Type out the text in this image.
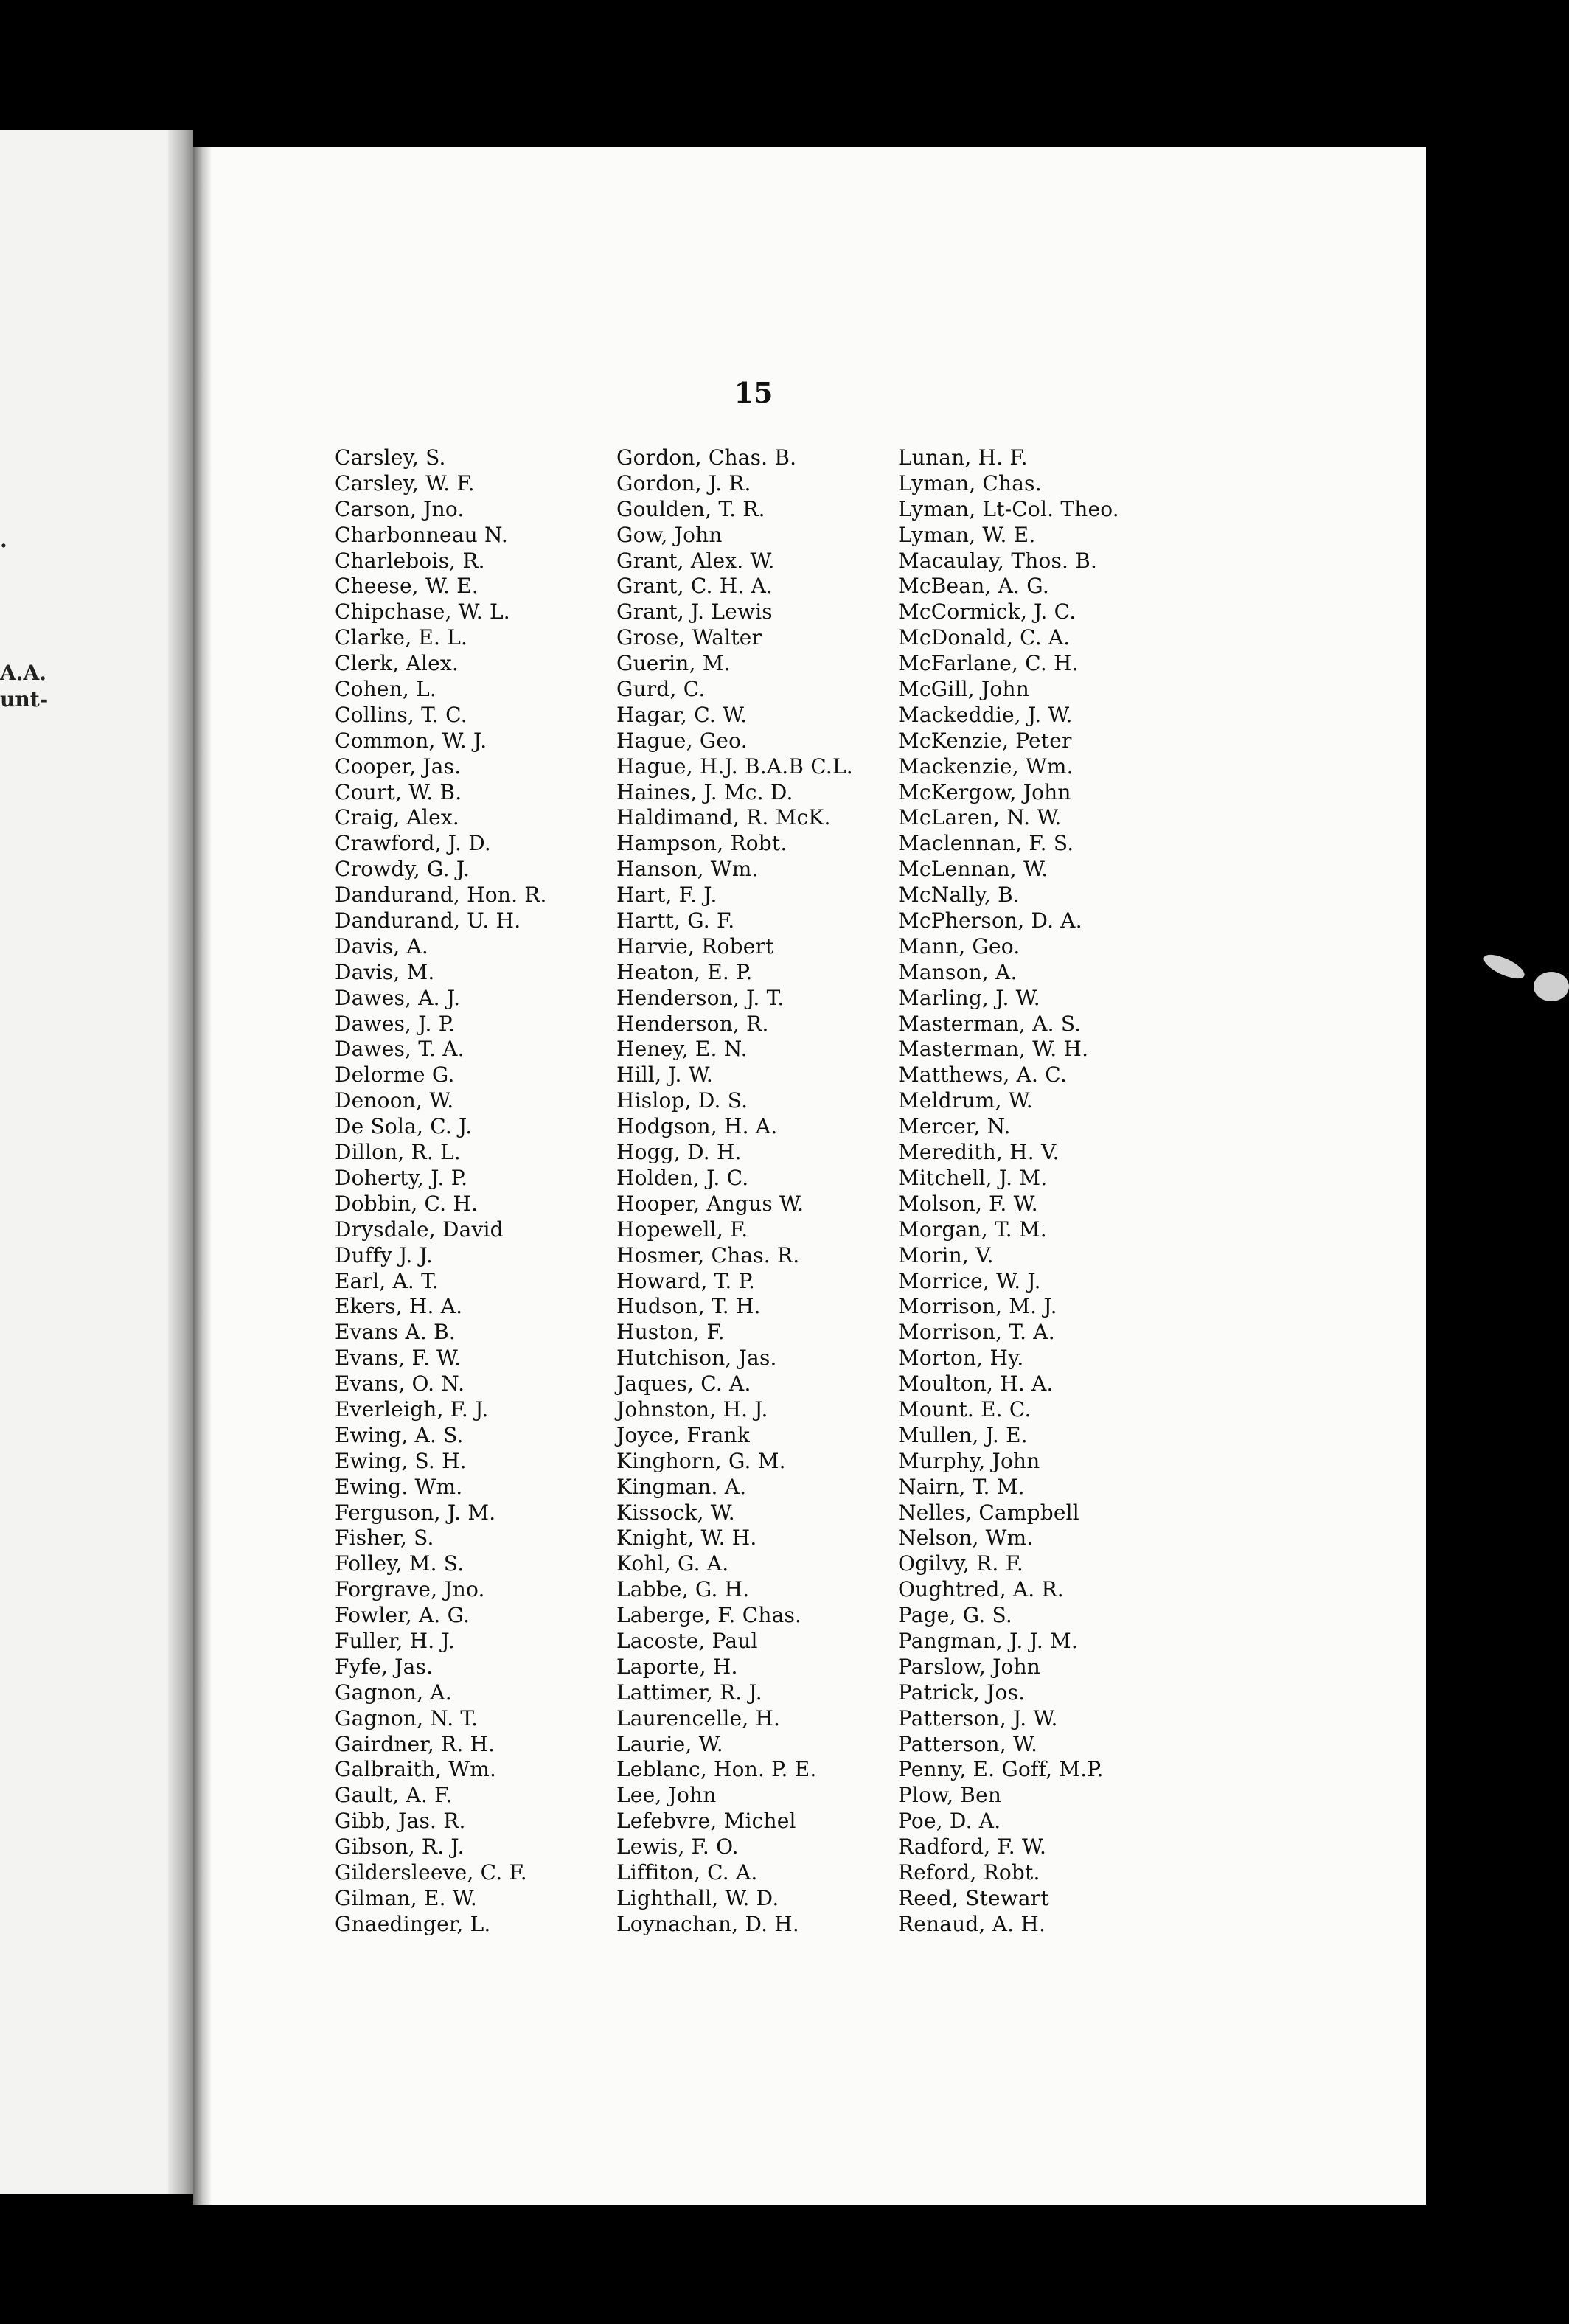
.
A.A.
unt-
15
Carsley, S.
Carsley, W. F.
Carson, Jno.
Charbonneau N.
Charlebois, R.
Cheese, W. E.
Chipchase, W. L.
Clarke, E. L.
Clerk, Alex.
Cohen, L.
Collins, T. C.
Common, W. J.
Cooper, Jas.
Court, W. B.
Craig, Alex.
Crawford, J. D.
Crowdy, G. J.
Dandurand, Hon. R.
Dandurand, U. H.
Davis, A.
Davis, M.
Dawes, A. J.
Dawes, J. P.
Dawes, T. A.
Delorme G.
Denoon, W.
De Sola, C. J.
Dillon, R. L.
Doherty, J. P.
Dobbin, C. H.
Drysdale, David
Duffy J. J.
Earl, A. T.
Ekers, H. A.
Evans A. B.
Evans, F. W.
Evans, O. N.
Everleigh, F. J.
Ewing, A. S.
Ewing, S. H.
Ewing. Wm.
Ferguson, J. M.
Fisher, S.
Folley, M. S.
Forgrave, Jno.
Fowler, A. G.
Fuller, H. J.
Fyfe, Jas.
Gagnon, A.
Gagnon, N. T.
Gairdner, R. H.
Galbraith, Wm.
Gault, A. F.
Gibb, Jas. R.
Gibson, R. J.
Gildersleeve, C. F.
Gilman, E. W.
Gnaedinger, L.
Gordon, Chas. B.
Gordon, J. R.
Goulden, T. R.
Gow, John
Grant, Alex. W.
Grant, C. H. A.
Grant, J. Lewis
Grose, Walter
Guerin, M.
Gurd, C.
Hagar, C. W.
Hague, Geo.
Hague, H.J. B.A.B C.L.
Haines, J. Mc. D.
Haldimand, R. McK.
Hampson, Robt.
Hanson, Wm.
Hart, F. J.
Hartt, G. F.
Harvie, Robert
Heaton, E. P.
Henderson, J. T.
Henderson, R.
Heney, E. N.
Hill, J. W.
Hislop, D. S.
Hodgson, H. A.
Hogg, D. H.
Holden, J. C.
Hooper, Angus W.
Hopewell, F.
Hosmer, Chas. R.
Howard, T. P.
Hudson, T. H.
Huston, F.
Hutchison, Jas.
Jaques, C. A.
Johnston, H. J.
Joyce, Frank
Kinghorn, G. M.
Kingman. A.
Kissock, W.
Knight, W. H.
Kohl, G. A.
Labbe, G. H.
Laberge, F. Chas.
Lacoste, Paul
Laporte, H.
Lattimer, R. J.
Laurencelle, H.
Laurie, W.
Leblanc, Hon. P. E.
Lee, John
Lefebvre, Michel
Lewis, F. O.
Liffiton, C. A.
Lighthall, W. D.
Loynachan, D. H.
Lunan, H. F.
Lyman, Chas.
Lyman, Lt-Col. Theo.
Lyman, W. E.
Macaulay, Thos. B.
McBean, A. G.
McCormick, J. C.
McDonald, C. A.
McFarlane, C. H.
McGill, John
Mackeddie, J. W.
McKenzie, Peter
Mackenzie, Wm.
McKergow, John
McLaren, N. W.
Maclennan, F. S.
McLennan, W.
McNally, B.
McPherson, D. A.
Mann, Geo.
Manson, A.
Marling, J. W.
Masterman, A. S.
Masterman, W. H.
Matthews, A. C.
Meldrum, W.
Mercer, N.
Meredith, H. V.
Mitchell, J. M.
Molson, F. W.
Morgan, T. M.
Morin, V.
Morrice, W. J.
Morrison, M. J.
Morrison, T. A.
Morton, Hy.
Moulton, H. A.
Mount. E. C.
Mullen, J. E.
Murphy, John
Nairn, T. M.
Nelles, Campbell
Nelson, Wm.
Ogilvy, R. F.
Oughtred, A. R.
Page, G. S.
Pangman, J. J. M.
Parslow, John
Patrick, Jos.
Patterson, J. W.
Patterson, W.
Penny, E. Goff, M.P.
Plow, Ben
Poe, D. A.
Radford, F. W.
Reford, Robt.
Reed, Stewart
Renaud, A. H.
